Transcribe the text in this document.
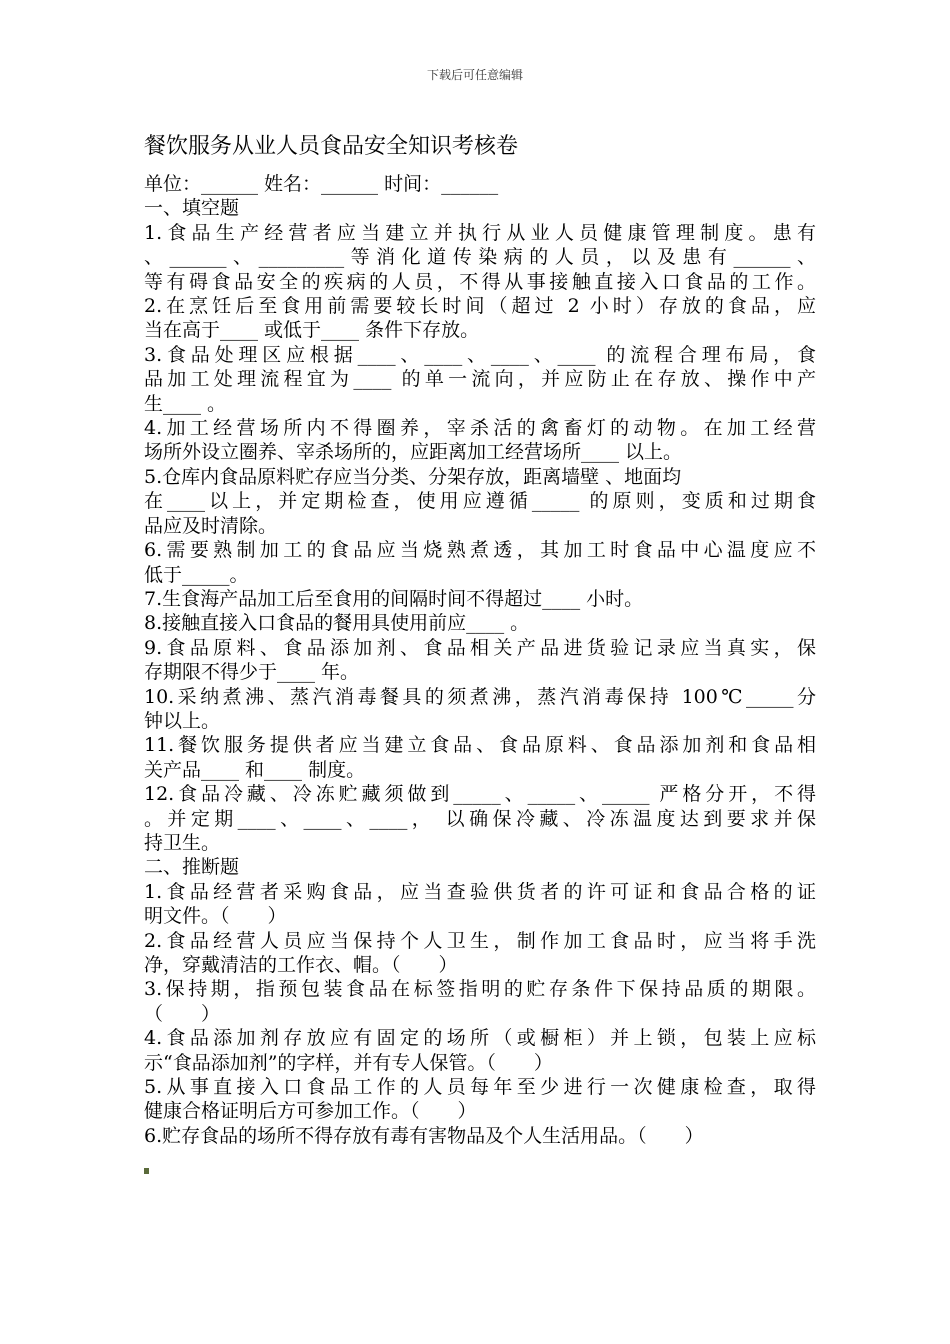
下载后可任意编辑
餐饮服务从业人员食品安全知识考核卷
单位：______ 姓名：______ 时间：______
一、填空题
1.食品生产经营者应当建立并执行从业人员健康管理制度。患有
、______、_________等消化道传染病的人员，以及患有______、
等有碍食品安全的疾病的人员，不得从事接触直接入口食品的工作。
2.在烹饪后至食用前需要较长时间（超过 2 小时）存放的食品，应
当在高于____ 或低于____ 条件下存放。
3.食品处理区应根据____、____、____、____ 的流程合理布局，食
品加工处理流程宜为____ 的单一流向，并应防止在存放、操作中产
生____ 。
4.加工经营场所内不得圈养，宰杀活的禽畜灯的动物。在加工经营
场所外设立圈养、宰杀场所的，应距离加工经营场所____ 以上。
5.仓库内食品原料贮存应当分类、分架存放，距离墙壁 、地面均
在____以上，并定期检查，使用应遵循_____ 的原则，变质和过期食
品应及时清除。
6.需要熟制加工的食品应当烧熟煮透，其加工时食品中心温度应不
低于_____。
7.生食海产品加工后至食用的间隔时间不得超过____ 小时。
8.接触直接入口食品的餐用具使用前应____ 。
9.食品原料、食品添加剂、食品相关产品进货验记录应当真实，保
存期限不得少于____ 年。
10.采纳煮沸、蒸汽消毒餐具的须煮沸，蒸汽消毒保持 100℃_____分
钟以上。
11.餐饮服务提供者应当建立食品、食品原料、食品添加剂和食品相
关产品____ 和____ 制度。
12.食品冷藏、冷冻贮藏须做到_____、_____、_____ 严格分开，不得
。并定期____、____、____， 以确保冷藏、冷冻温度达到要求并保
持卫生。
二、推断题
1.食品经营者采购食品，应当查验供货者的许可证和食品合格的证
明文件。（　　）
2.食品经营人员应当保持个人卫生，制作加工食品时，应当将手洗
净，穿戴清洁的工作衣、帽。（　　）
3.保持期，指预包装食品在标签指明的贮存条件下保持品质的期限。
（　　）
4.食品添加剂存放应有固定的场所（或橱柜）并上锁，包装上应标
示“食品添加剂”的字样，并有专人保管。（　　）
5.从事直接入口食品工作的人员每年至少进行一次健康检查，取得
健康合格证明后方可参加工作。（　　）
6.贮存食品的场所不得存放有毒有害物品及个人生活用品。（　　）
